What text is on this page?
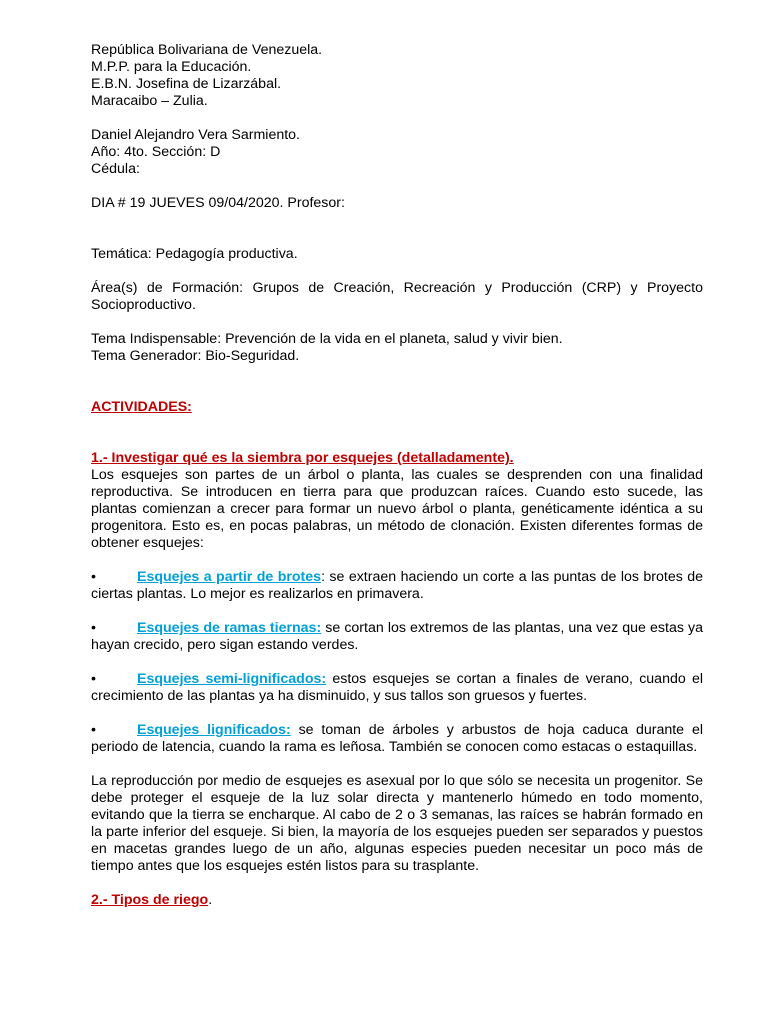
República Bolivariana de Venezuela.
M.P.P. para la Educación.
E.B.N. Josefina de Lizarzábal.
Maracaibo – Zulia.
Daniel Alejandro Vera Sarmiento.
Año: 4to. Sección: D
Cédula:
DIA # 19 JUEVES 09/04/2020. Profesor:
Temática: Pedagogía productiva.
Área(s) de Formación: Grupos de Creación, Recreación y Producción (CRP) y Proyecto Socioproductivo.
Tema Indispensable: Prevención de la vida en el planeta, salud y vivir bien.
Tema Generador: Bio-Seguridad.
ACTIVIDADES:
1.- Investigar qué es la siembra por esquejes (detalladamente).
Los esquejes son partes de un árbol o planta, las cuales se desprenden con una finalidad reproductiva. Se introducen en tierra para que produzcan raíces. Cuando esto sucede, las plantas comienzan a crecer para formar un nuevo árbol o planta, genéticamente idéntica a su progenitora. Esto es, en pocas palabras, un método de clonación. Existen diferentes formas de obtener esquejes:
•	Esquejes a partir de brotes: se extraen haciendo un corte a las puntas de los brotes de ciertas plantas. Lo mejor es realizarlos en primavera.
•	Esquejes de ramas tiernas: se cortan los extremos de las plantas, una vez que estas ya hayan crecido, pero sigan estando verdes.
•	Esquejes semi-lignificados: estos esquejes se cortan a finales de verano, cuando el crecimiento de las plantas ya ha disminuido, y sus tallos son gruesos y fuertes.
•	Esquejes lignificados: se toman de árboles y arbustos de hoja caduca durante el periodo de latencia, cuando la rama es leñosa. También se conocen como estacas o estaquillas.
La reproducción por medio de esquejes es asexual por lo que sólo se necesita un progenitor. Se debe proteger el esqueje de la luz solar directa y mantenerlo húmedo en todo momento, evitando que la tierra se encharque. Al cabo de 2 o 3 semanas, las raíces se habrán formado en la parte inferior del esqueje. Si bien, la mayoría de los esquejes pueden ser separados y puestos en macetas grandes luego de un año, algunas especies pueden necesitar un poco más de tiempo antes que los esquejes estén listos para su trasplante.
2.- Tipos de riego.
